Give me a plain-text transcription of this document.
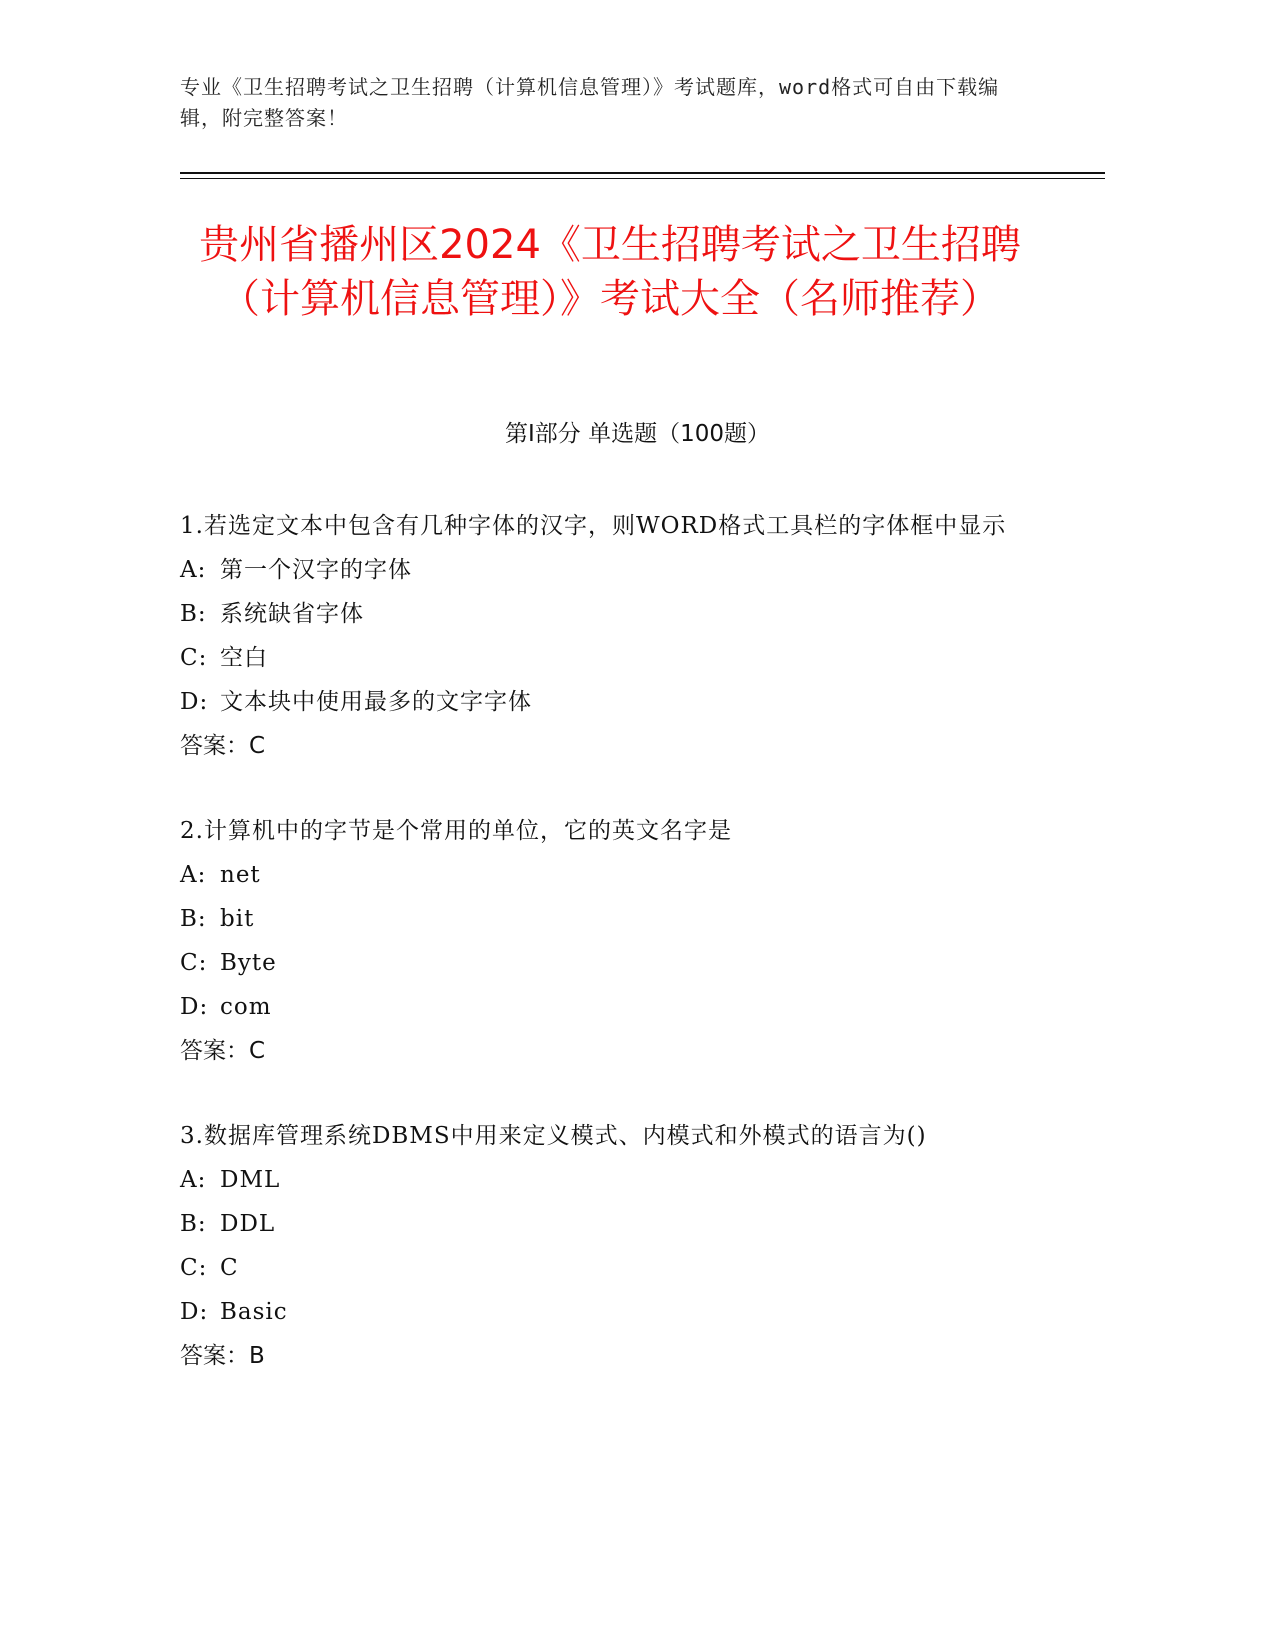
专业《卫生招聘考试之卫生招聘（计算机信息管理）》考试题库，word格式可自由下载编辑，附完整答案！
贵州省播州区2024《卫生招聘考试之卫生招聘（计算机信息管理）》考试大全（名师推荐）
第I部分 单选题（100题）
1.若选定文本中包含有几种字体的汉字，则WORD格式工具栏的字体框中显示
A: 第一个汉字的字体
B: 系统缺省字体
C: 空白
D: 文本块中使用最多的文字字体
答案：C
2.计算机中的字节是个常用的单位，它的英文名字是
A: net
B: bit
C: Byte
D: com
答案：C
3.数据库管理系统DBMS中用来定义模式、内模式和外模式的语言为()
A: DML
B: DDL
C: C
D: Basic
答案：B
